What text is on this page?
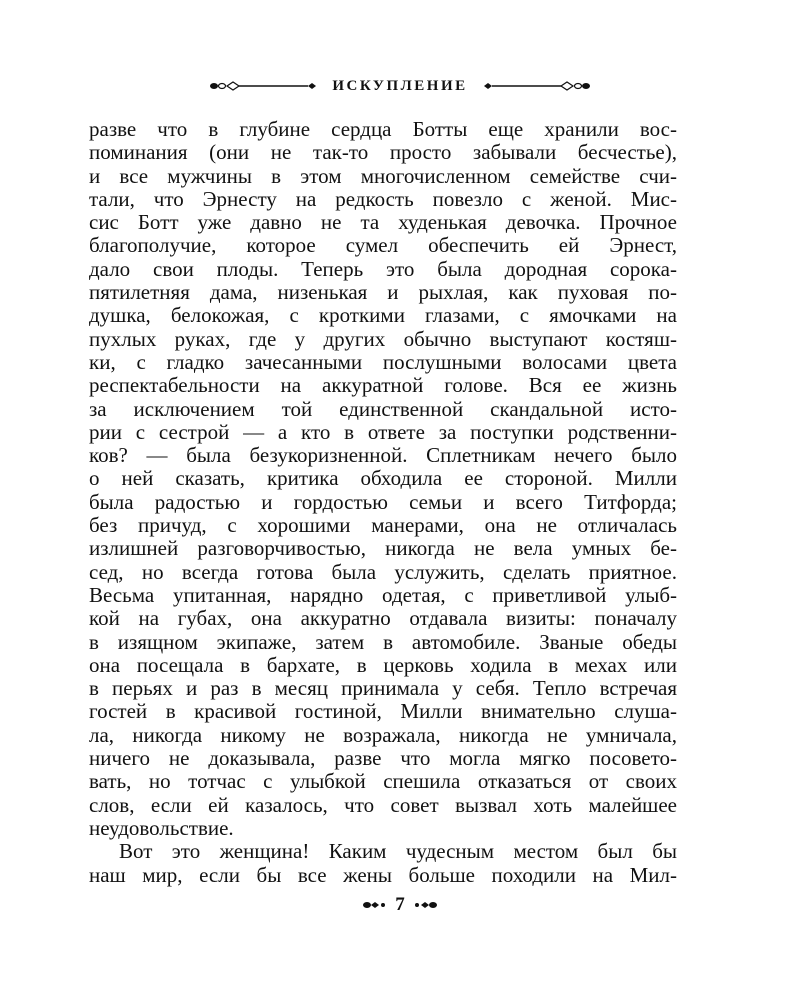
ИСКУПЛЕНИЕ
разве что в глубине сердца Ботты еще хранили вос-
поминания (они не так-то просто забывали бесчестье),
и все мужчины в этом многочисленном семействе счи-
тали, что Эрнесту на редкость повезло с женой. Мис-
сис Ботт уже давно не та худенькая девочка. Прочное
благополучие, которое сумел обеспечить ей Эрнест,
дало свои плоды. Теперь это была дородная сорока-
пятилетняя дама, низенькая и рыхлая, как пуховая по-
душка, белокожая, с кроткими глазами, с ямочками на
пухлых руках, где у других обычно выступают костяш-
ки, с гладко зачесанными послушными волосами цвета
респектабельности на аккуратной голове. Вся ее жизнь
за исключением той единственной скандальной исто-
рии с сестрой — а кто в ответе за поступки родственни-
ков? — была безукоризненной. Сплетникам нечего было
о ней сказать, критика обходила ее стороной. Милли
была радостью и гордостью семьи и всего Титфорда;
без причуд, с хорошими манерами, она не отличалась
излишней разговорчивостью, никогда не вела умных бе-
сед, но всегда готова была услужить, сделать приятное.
Весьма упитанная, нарядно одетая, с приветливой улыб-
кой на губах, она аккуратно отдавала визиты: поначалу
в изящном экипаже, затем в автомобиле. Званые обеды
она посещала в бархате, в церковь ходила в мехах или
в перьях и раз в месяц принимала у себя. Тепло встречая
гостей в красивой гостиной, Милли внимательно слуша-
ла, никогда никому не возражала, никогда не умничала,
ничего не доказывала, разве что могла мягко посовето-
вать, но тотчас с улыбкой спешила отказаться от своих
слов, если ей казалось, что совет вызвал хоть малейшее
неудовольствие.
Вот это женщина! Каким чудесным местом был бы
наш мир, если бы все жены больше походили на Мил-
7
